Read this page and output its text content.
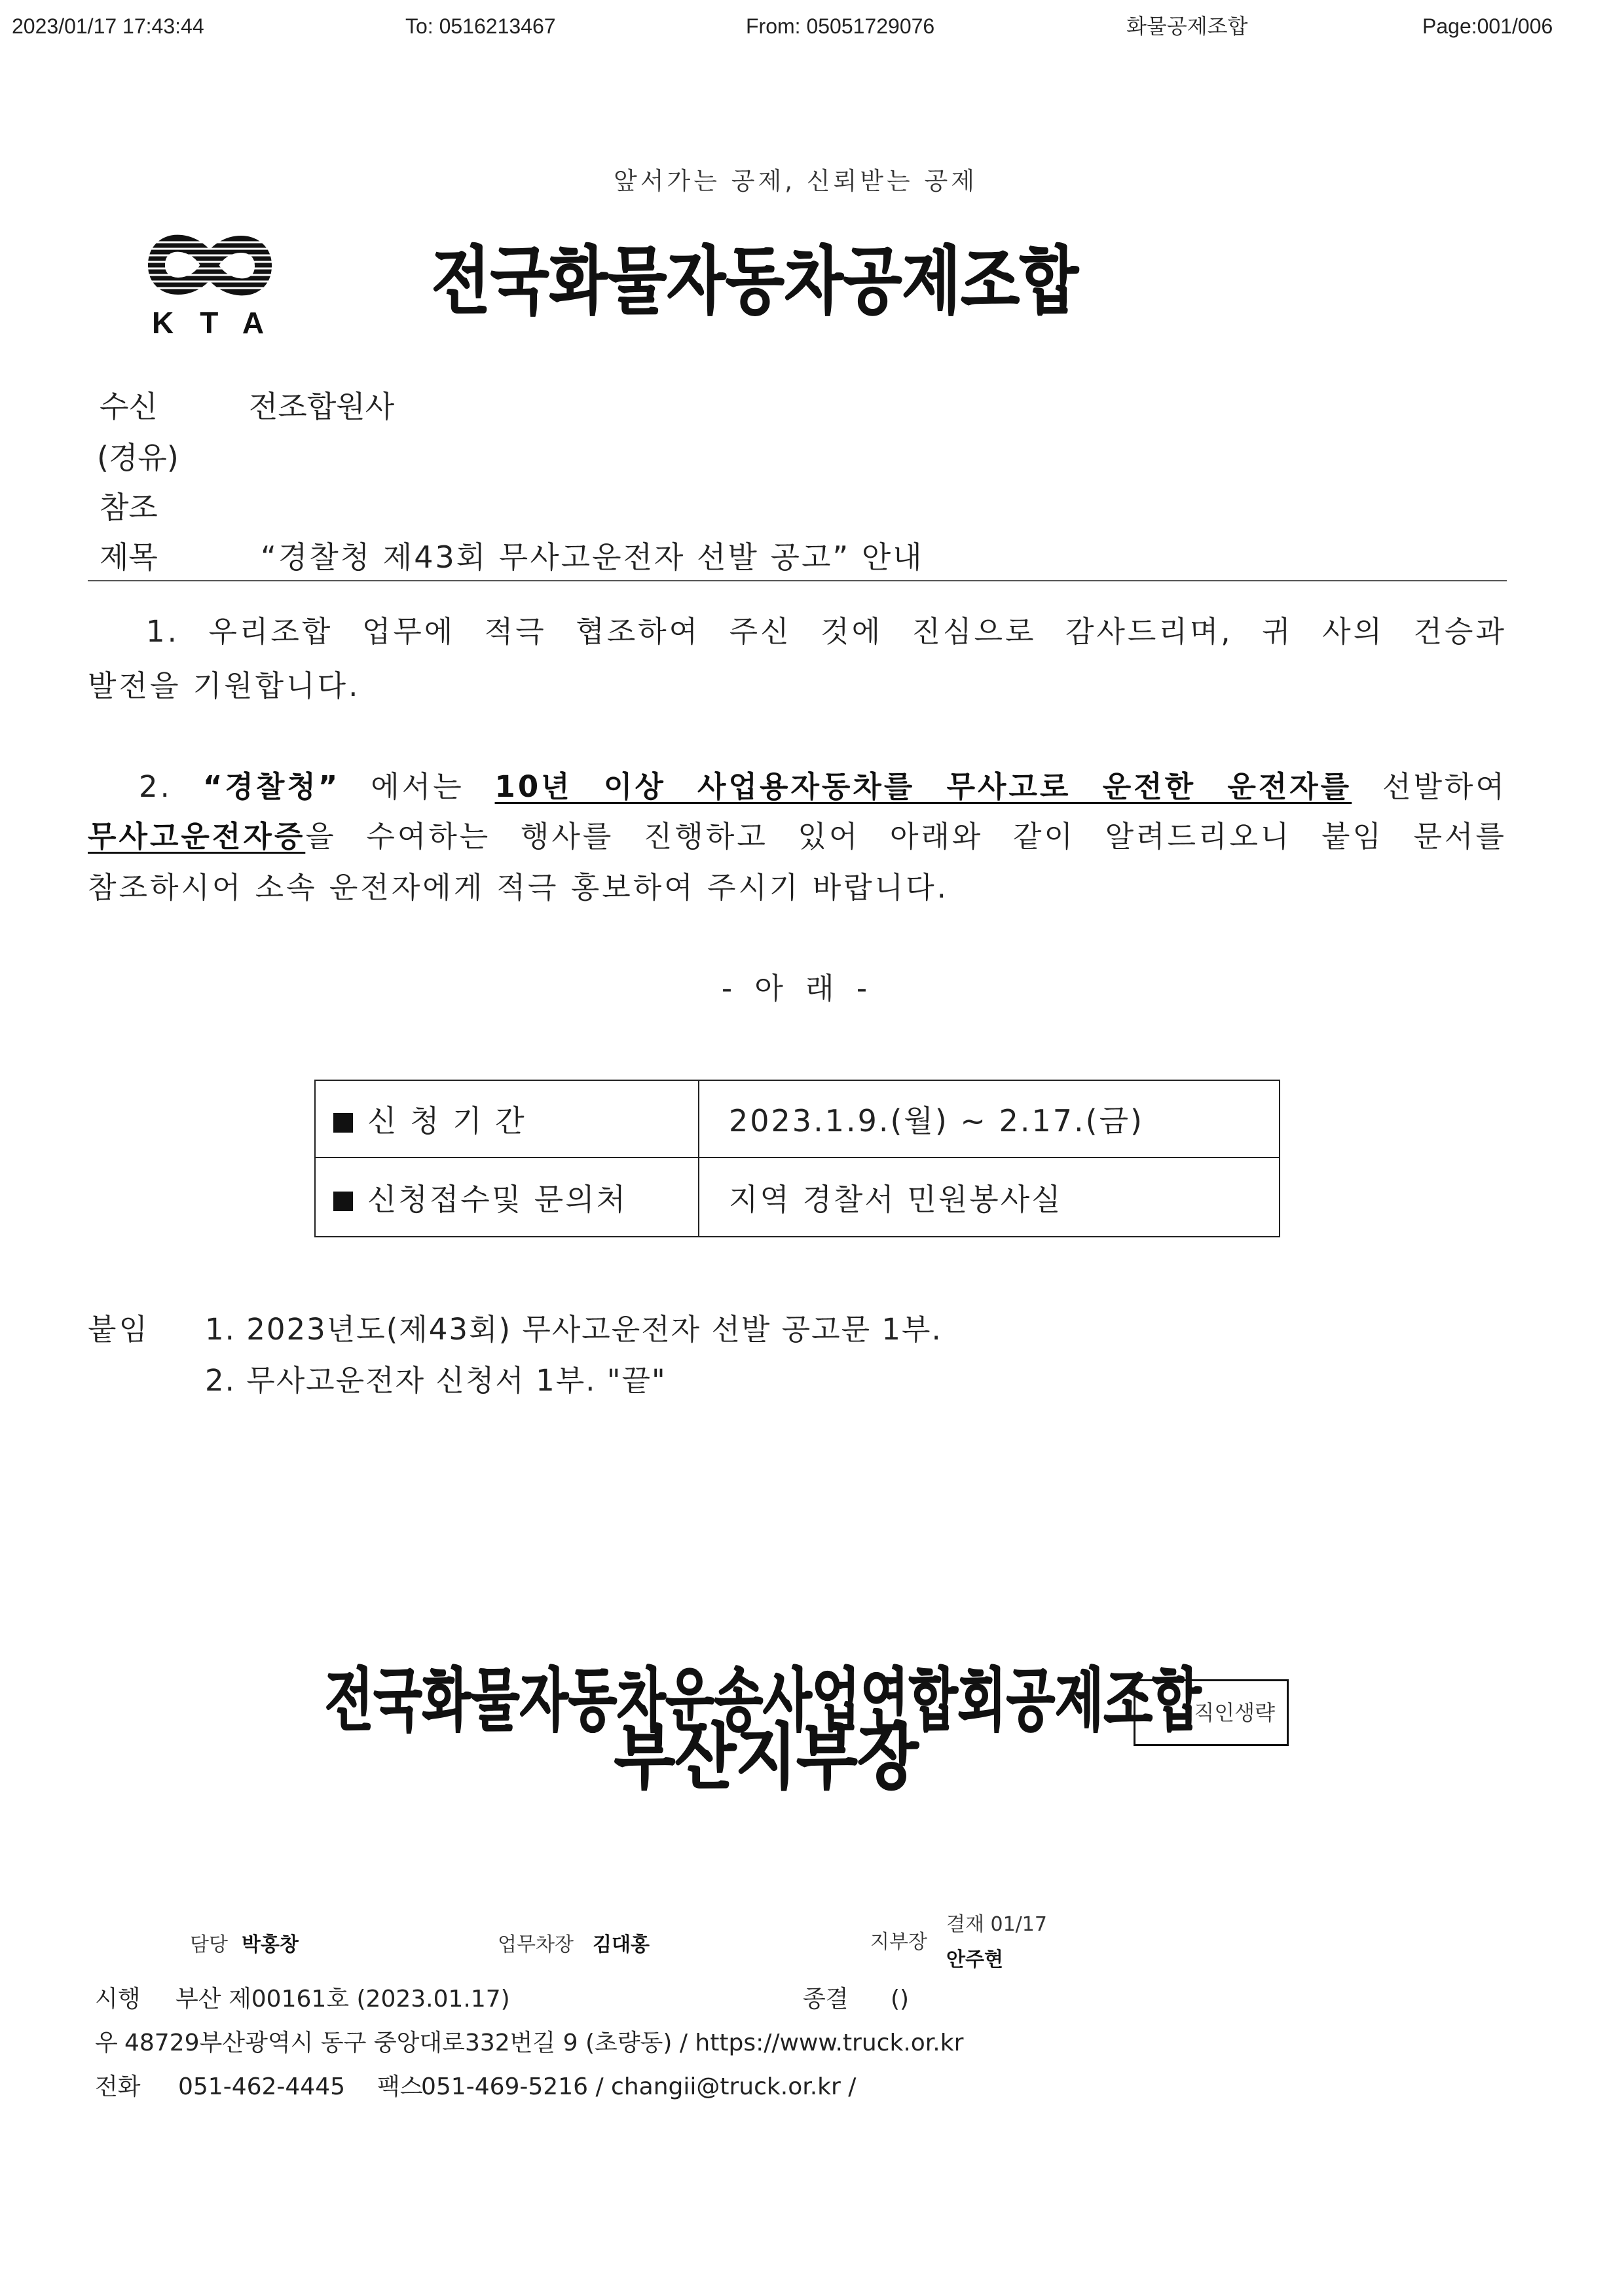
2023/01/17 17:43:44	To: 0516213467	From: 05051729076	화물공제조합	Page:001/006
앞서가는 공제, 신뢰받는 공제
KTA 전국화물자동차공제조합
수신	전조합원사
(경유)
참조
제목	“경찰청 제43회 무사고운전자 선발 공고” 안내
1. 우리조합 업무에 적극 협조하여 주신 것에 진심으로 감사드리며, 귀 사의 건승과
발전을 기원합니다.
2. “경찰청” 에서는 10년 이상 사업용자동차를 무사고로 운전한 운전자를 선발하여
무사고운전자증을 수여하는 행사를 진행하고 있어 아래와 같이 알려드리오니 붙임 문서를
참조하시어 소속 운전자에게 적극 홍보하여 주시기 바랍니다.
- 아 래 -
신 청 기 간	2023.1.9.(월) ~ 2.17.(금)
신청접수및 문의처	지역 경찰서 민원봉사실
붙임 1. 2023년도(제43회) 무사고운전자 선발 공고문 1부.
2. 무사고운전자 신청서 1부. "끝"
직인생략
전국화물자동차운송사업연합회공제조합
부산지부장
담당 박홍창	업무차장 김대홍	지부장
결재 01/17
안주현
시행 부산 제00161호 (2023.01.17)	종결 ()
우 48729부산광역시 동구 중앙대로332번길 9 (초량동) / https://www.truck.or.kr
전화 051-462-4445 팩스
051-469-5216 / changii@truck.or.kr /
